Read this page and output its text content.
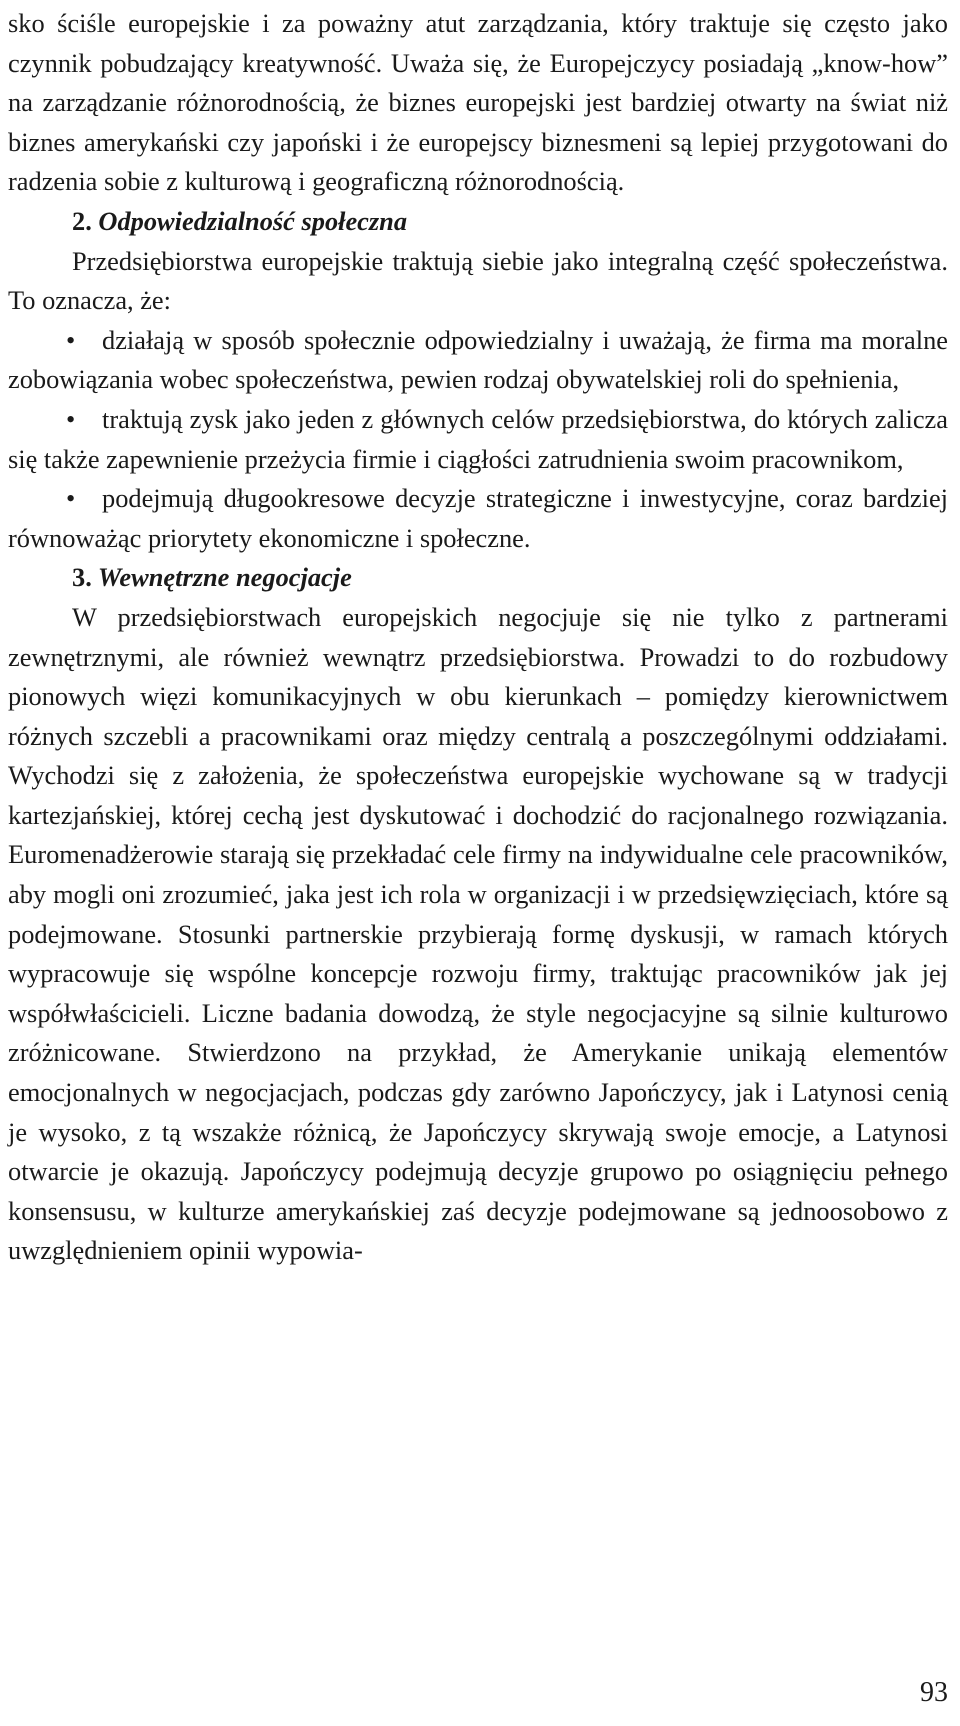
sko ściśle europejskie i za poważny atut zarządzania, który traktuje się często jako czynnik pobudzający kreatywność. Uważa się, że Europejczycy posiadają „know-how” na zarządzanie różnorodnością, że biznes europejski jest bardziej otwarty na świat niż biznes amerykański czy japoński i że europejscy biznesmeni są lepiej przygotowani do radzenia sobie z kulturową i geograficzną różnorodnością.

2. Odpowiedzialność społeczna

Przedsiębiorstwa europejskie traktują siebie jako integralną część społeczeństwa. To oznacza, że:

• działają w sposób społecznie odpowiedzialny i uważają, że firma ma moralne zobowiązania wobec społeczeństwa, pewien rodzaj obywatelskiej roli do spełnienia,

• traktują zysk jako jeden z głównych celów przedsiębiorstwa, do których zalicza się także zapewnienie przeżycia firmie i ciągłości zatrudnienia swoim pracownikom,

• podejmują długookresowe decyzje strategiczne i inwestycyjne, coraz bardziej równoważąc priorytety ekonomiczne i społeczne.

3. Wewnętrzne negocjacje

W przedsiębiorstwach europejskich negocjuje się nie tylko z partnerami zewnętrznymi, ale również wewnątrz przedsiębiorstwa. Prowadzi to do rozbudowy pionowych więzi komunikacyjnych w obu kierunkach – pomiędzy kierownictwem różnych szczebli a pracownikami oraz między centralą a poszczególnymi oddziałami. Wychodzi się z założenia, że społeczeństwa europejskie wychowane są w tradycji kartezjańskiej, której cechą jest dyskutować i dochodzić do racjonalnego rozwiązania. Euromenadżerowie starają się przekładać cele firmy na indywidualne cele pracowników, aby mogli oni zrozumieć, jaka jest ich rola w organizacji i w przedsięwzięciach, które są podejmowane. Stosunki partnerskie przybierają formę dyskusji, w ramach których wypracowuje się wspólne koncepcje rozwoju firmy, traktując pracowników jak jej współwłaścicieli. Liczne badania dowodzą, że style negocjacyjne są silnie kulturowo zróżnicowane. Stwierdzono na przykład, że Amerykanie unikają elementów emocjonalnych w negocjacjach, podczas gdy zarówno Japończycy, jak i Latynosi cenią je wysoko, z tą wszakże różnicą, że Japończycy skrywają swoje emocje, a Latynosi otwarcie je okazują. Japończycy podejmują decyzje grupowo po osiągnięciu pełnego konsensusu, w kulturze amerykańskiej zaś decyzje podejmowane są jednoosobowo z uwzględnieniem opinii wypowia-

93
